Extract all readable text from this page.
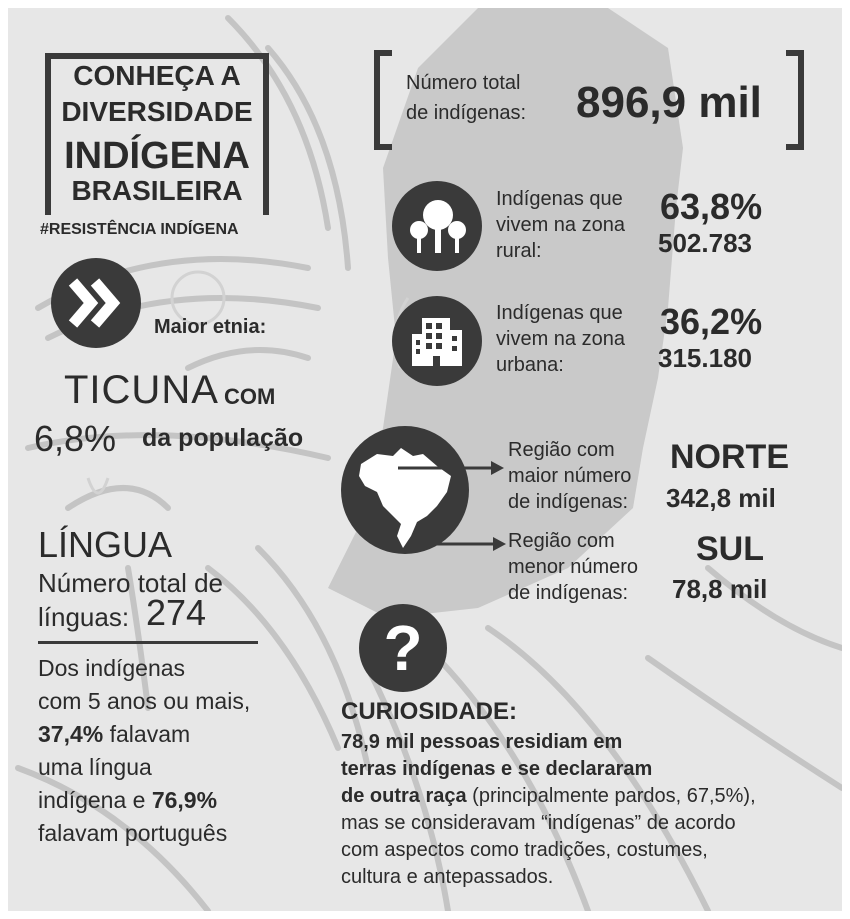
CONHEÇA A
DIVERSIDADE
INDÍGENA
BRASILEIRA
#RESISTÊNCIA INDÍGENA
Número total
de indígenas: 896,9 mil
Maior etnia:
TICUNA COM
6,8% da população
Indígenas que
vivem na zona
rural:
63,8%
502.783
Indígenas que
vivem na zona
urbana:
36,2%
315.180
Região com
maior número
de indígenas:
NORTE
342,8 mil
Região com
menor número
de indígenas:
SUL
78,8 mil
LÍNGUA
Número total de
línguas: 274
Dos indígenas
com 5 anos ou mais,
37,4% falavam
uma língua
indígena e 76,9%
falavam português
?
CURIOSIDADE:
78,9 mil pessoas residiam em
terras indígenas e se declararam
de outra raça (principalmente pardos, 67,5%),
mas se consideravam “indígenas” de acordo
com aspectos como tradições, costumes,
cultura e antepassados.
